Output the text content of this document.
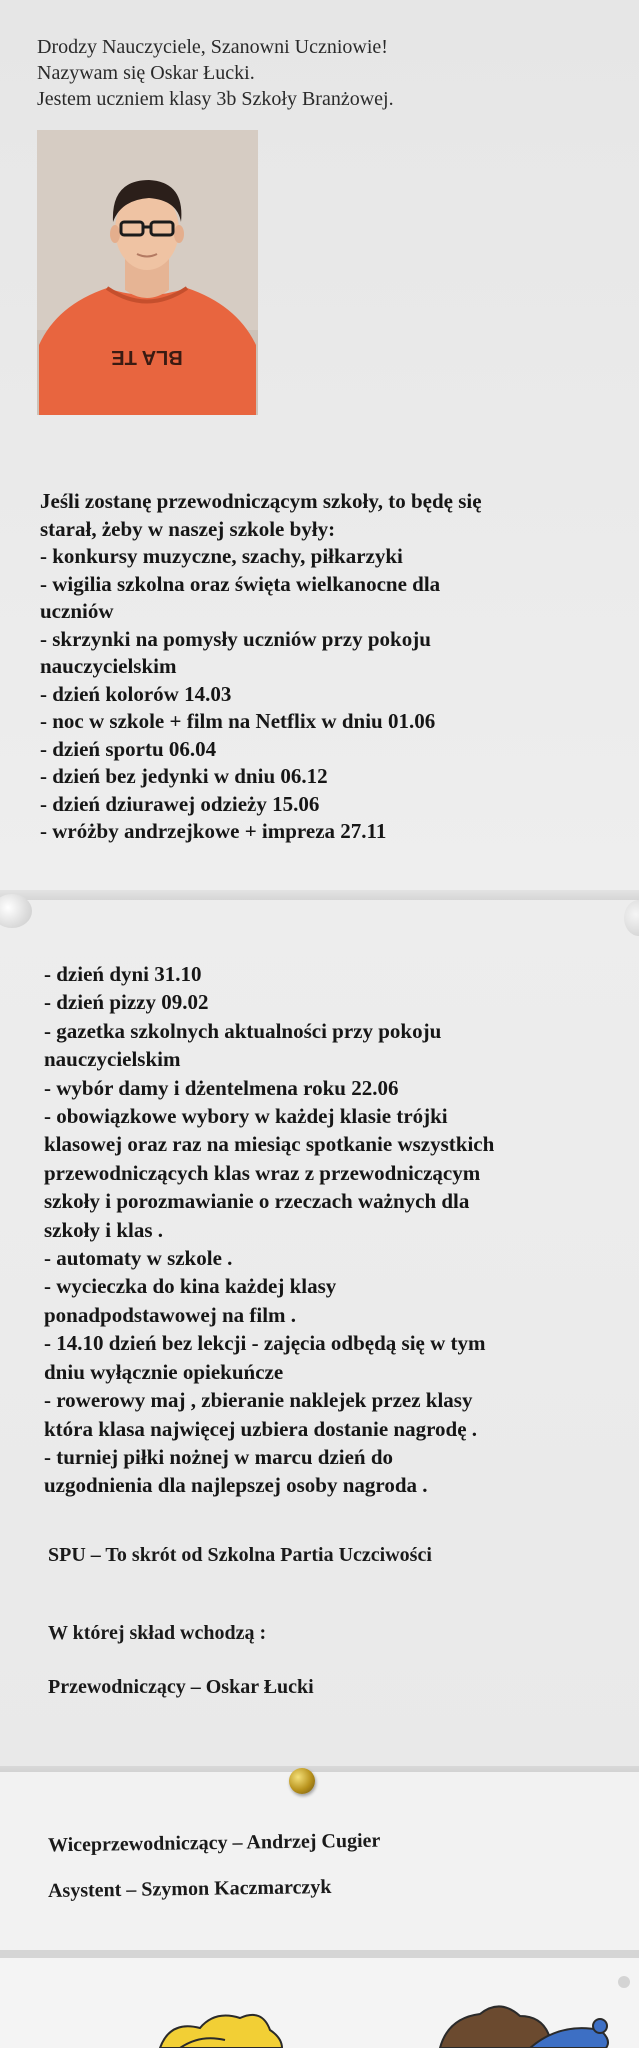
Drodzy Nauczyciele, Szanowni Uczniowie!
Nazywam się Oskar Łucki.
Jestem uczniem klasy 3b Szkoły Branżowej.
BLA TE
Jeśli zostanę przewodniczącym szkoły, to będę się
starał, żeby w naszej szkole były:
- konkursy muzyczne, szachy, piłkarzyki
- wigilia szkolna oraz święta wielkanocne dla
uczniów
- skrzynki na pomysły uczniów przy pokoju
nauczycielskim
- dzień kolorów 14.03
- noc w szkole + film na Netflix w dniu 01.06
- dzień sportu 06.04
- dzień bez jedynki w dniu 06.12
- dzień dziurawej odzieży 15.06
- wróżby andrzejkowe + impreza 27.11
- dzień dyni 31.10
- dzień pizzy 09.02
- gazetka szkolnych aktualności przy pokoju
nauczycielskim
- wybór damy i dżentelmena roku 22.06
- obowiązkowe wybory w każdej klasie trójki
klasowej oraz raz na miesiąc spotkanie wszystkich
przewodniczących klas wraz z przewodniczącym
szkoły i porozmawianie o rzeczach ważnych dla
szkoły i klas .
- automaty w szkole .
- wycieczka do kina każdej klasy
ponadpodstawowej na film .
- 14.10 dzień bez lekcji - zajęcia odbędą się w tym
dniu wyłącznie opiekuńcze
- rowerowy maj , zbieranie naklejek przez klasy
która klasa najwięcej uzbiera dostanie nagrodę .
- turniej piłki nożnej w marcu dzień do
uzgodnienia dla najlepszej osoby nagroda .
SPU – To skrót od Szkolna Partia Uczciwości
W której skład wchodzą :
Przewodniczący – Oskar Łucki
Wiceprzewodniczący – Andrzej Cugier
Asystent – Szymon Kaczmarczyk
